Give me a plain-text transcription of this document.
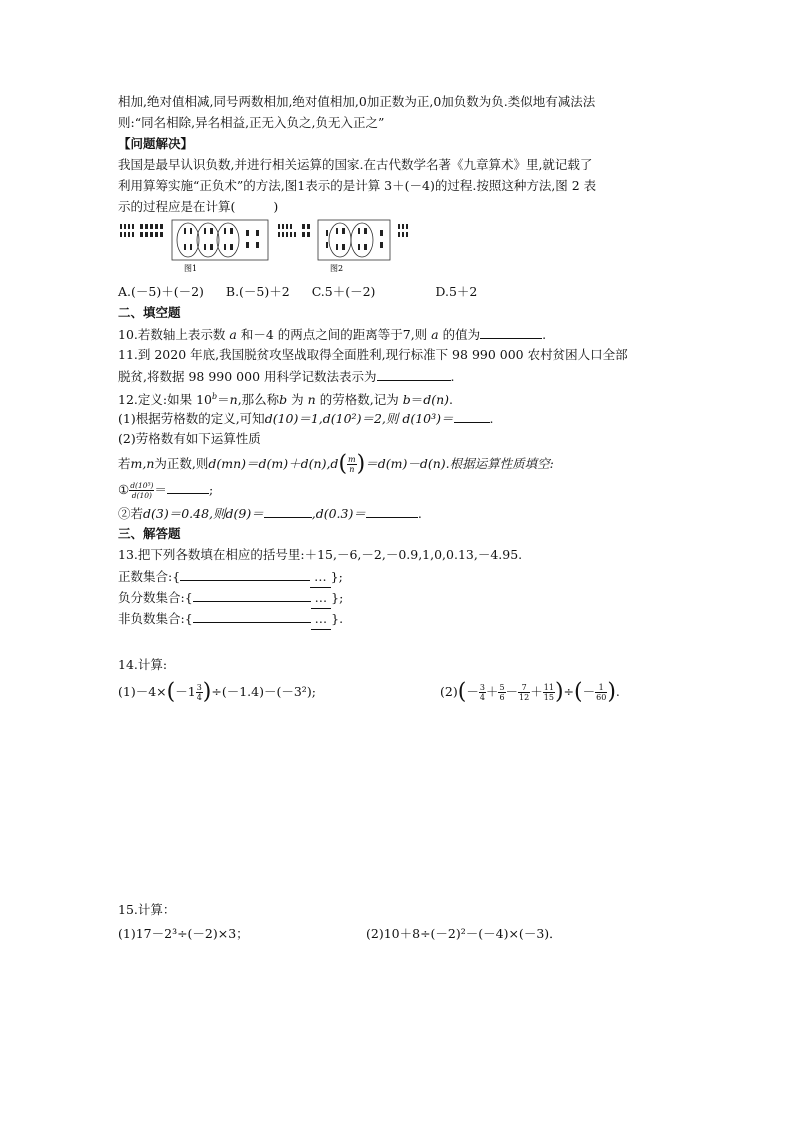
相加,绝对值相减,同号两数相加,绝对值相加,0加正数为正,0加负数为负.类似地有减法法
则:“同名相除,异名相益,正无入负之,负无入正之”
【问题解决】
我国是最早认识负数,并进行相关运算的国家.在古代数学名著《九章算术》里,就记载了
利用算筹实施“正负术”的方法,图1表示的是计算 3＋(－4)的过程.按照这种方法,图 2 表
示的过程应是在计算(	)
图1	图2
A.(－5)＋(－2) B.(－5)＋2 C.5＋(－2)	D.5＋2
二、填空题
10.若数轴上表示数 a 和－4 的两点之间的距离等于7,则 a 的值为	.
11.到 2020 年底,我国脱贫攻坚战取得全面胜利,现行标准下 98 990 000 农村贫困人口全部
脱贫,将数据 98 990 000 用科学记数法表示为	.
12.定义:如果 $10^b=n$,那么称b 为 n 的劳格数,记为 b＝d(n).
(1)根据劳格数的定义,可知d(10)＝1,d(10²)＝2,则 d(10³)＝	.
(2)劳格数有如下运算性质
若m,n为正数,则$d(mn)=d(m)+d(n),d( \frac{m}{n} )=d(m)-d(n)$.根据运算性质填空:
① $\frac{\text{d(10⁵)}}{d(10)}$ ＝	;
②若d(3)＝0.48,则d(9)＝	,d(0.3)＝	.
三、解答题
13.把下列各数填在相应的括号里:＋15,－6,－2,－0.9,1,0,0.13,－4.95.
正数集合:{	… };
负分数集合:{	… };
非负数集合:{	… }.
14.计算:
$(1)-4\times(-1 \frac{3}{4} )\div(-1.4)-(-3^2)$;	$(2)(- \frac{3}{4} + \frac{5}{6} - \frac{7}{12} + \frac{11}{15}$ )÷(－ $\frac{1}{60}$ ).
15.计算：
(1)17－2³÷(－2)×3；	(2)10＋8÷(－2)²－(－4)×(－3)．
